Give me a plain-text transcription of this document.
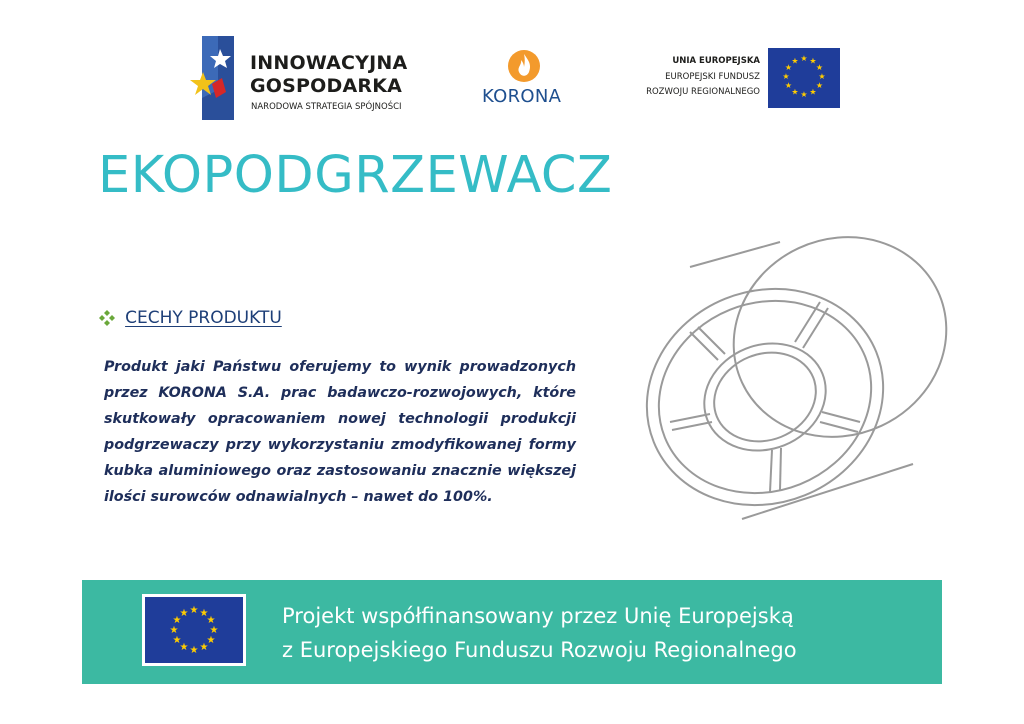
INNOWACYJNA
GOSPODARKA
NARODOWA STRATEGIA SPÓJNOŚCI	KORONA
UNIA EUROPEJSKA
EUROPEJSKI FUNDUSZ
ROZWOJU REGIONALNEGO
★ ★
★
★
★
★
★
★
★
★
★
★
EKOPODGRZEWACZ
CECHY PRODUKTU

Produkt jaki Państwu oferujemy to wynik prowadzonych przez KORONA S.A. prac badawczo-rozwojowych, które skutkowały opracowaniem nowej technologii produkcji podgrzewaczy przy wykorzystaniu zmodyfikowanej formy kubka aluminiowego oraz zastosowaniu znacznie większej ilości surowców odnawialnych – nawet do 100%.

★ ★
★
★
★
★
★
★
★
★
★
★	Projekt współfinansowany przez Unię Europejską
z Europejskiego Funduszu Rozwoju Regionalnego
